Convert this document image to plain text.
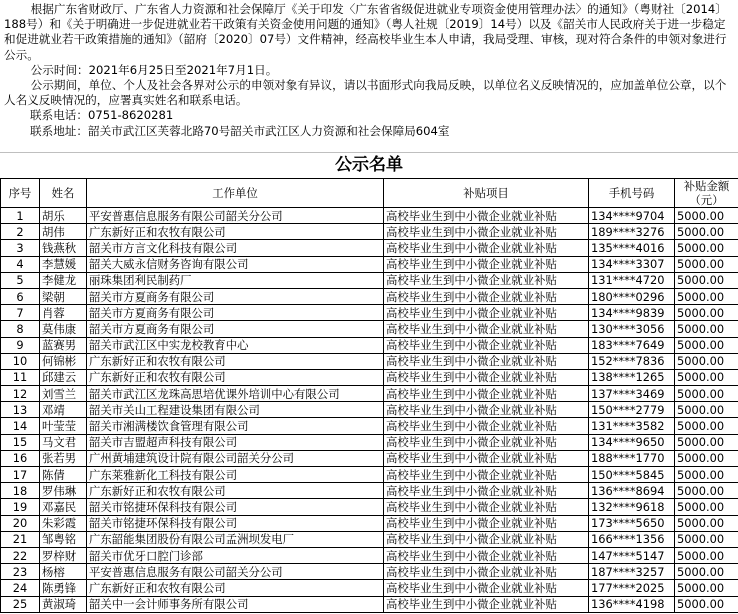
根据广东省财政厅、广东省人力资源和社会保障厅《关于印发〈广东省省级促进就业专项资金使用管理办法〉的通知》（粤财社〔2014〕188号）和《关于明确进一步促进就业若干政策有关资金使用问题的通知》（粤人社规〔2019〕14号）以及《韶关市人民政府关于进一步稳定和促进就业若干政策措施的通知》（韶府〔2020〕07号）文件精神，经高校毕业生本人申请，我局受理、审核，现对符合条件的申领对象进行公示。

公示时间：2021年6月25日至2021年7月1日。

公示期间，单位、个人及社会各界对公示的申领对象有异议，请以书面形式向我局反映，以单位名义反映情况的，应加盖单位公章，以个人名义反映情况的，应署真实姓名和联系电话。

联系电话：0751-8620281

联系地址：韶关市武江区芙蓉北路70号韶关市武江区人力资源和社会保障局604室

公示名单
序号	姓名	工作单位	补贴项目	手机号码	补贴金额（元）
1	胡乐	平安普惠信息服务有限公司韶关分公司	高校毕业生到中小微企业就业补贴	134****9704	5000.00
2	胡伟	广东新好正和农牧有限公司	高校毕业生到中小微企业就业补贴	189****3276	5000.00
3	钱燕秋	韶关市方言文化科技有限公司	高校毕业生到中小微企业就业补贴	135****4016	5000.00
4	李慧媛	韶关大威永信财务咨询有限公司	高校毕业生到中小微企业就业补贴	134****3307	5000.00
5	李健龙	丽珠集团利民制药厂	高校毕业生到中小微企业就业补贴	131****4720	5000.00
6	梁朝	韶关市方夏商务有限公司	高校毕业生到中小微企业就业补贴	180****0296	5000.00
7	肖蓉	韶关市方夏商务有限公司	高校毕业生到中小微企业就业补贴	134****9839	5000.00
8	莫伟康	韶关市方夏商务有限公司	高校毕业生到中小微企业就业补贴	130****3056	5000.00
9	蓝赛男	韶关市武江区中实龙校教育中心	高校毕业生到中小微企业就业补贴	183****7649	5000.00
10	何锦彬	广东新好正和农牧有限公司	高校毕业生到中小微企业就业补贴	152****7836	5000.00
11	邱建云	广东新好正和农牧有限公司	高校毕业生到中小微企业就业补贴	138****1265	5000.00
12	刘雪兰	韶关市武江区龙珠高思培优课外培训中心有限公司	高校毕业生到中小微企业就业补贴	137****3469	5000.00
13	邓靖	韶关市关山工程建设集团有限公司	高校毕业生到中小微企业就业补贴	150****2779	5000.00
14	叶莹莹	韶关市湘满楼饮食管理有限公司	高校毕业生到中小微企业就业补贴	131****3582	5000.00
15	马文君	韶关市吉盟超声科技有限公司	高校毕业生到中小微企业就业补贴	134****9650	5000.00
16	张若男	广州黄埔建筑设计院有限公司韶关分公司	高校毕业生到中小微企业就业补贴	188****1770	5000.00
17	陈倩	广东莱雅新化工科技有限公司	高校毕业生到中小微企业就业补贴	150****5845	5000.00
18	罗伟琳	广东新好正和农牧有限公司	高校毕业生到中小微企业就业补贴	136****8694	5000.00
19	邓嘉民	韶关市铭捷环保科技有限公司	高校毕业生到中小微企业就业补贴	132****9618	5000.00
20	朱彩霞	韶关市铭捷环保科技有限公司	高校毕业生到中小微企业就业补贴	173****5650	5000.00
21	邹粤铭	广东韶能集团股份有限公司孟洲坝发电厂	高校毕业生到中小微企业就业补贴	166****1356	5000.00
22	罗梓财	韶关市优牙口腔门诊部	高校毕业生到中小微企业就业补贴	147****5147	5000.00
23	杨榕	平安普惠信息服务有限公司韶关分公司	高校毕业生到中小微企业就业补贴	187****3257	5000.00
24	陈勇锋	广东新好正和农牧有限公司	高校毕业生到中小微企业就业补贴	177****2025	5000.00
25	黄淑琦	韶关中一会计师事务所有限公司	高校毕业生到中小微企业就业补贴	136****4198	5000.00
